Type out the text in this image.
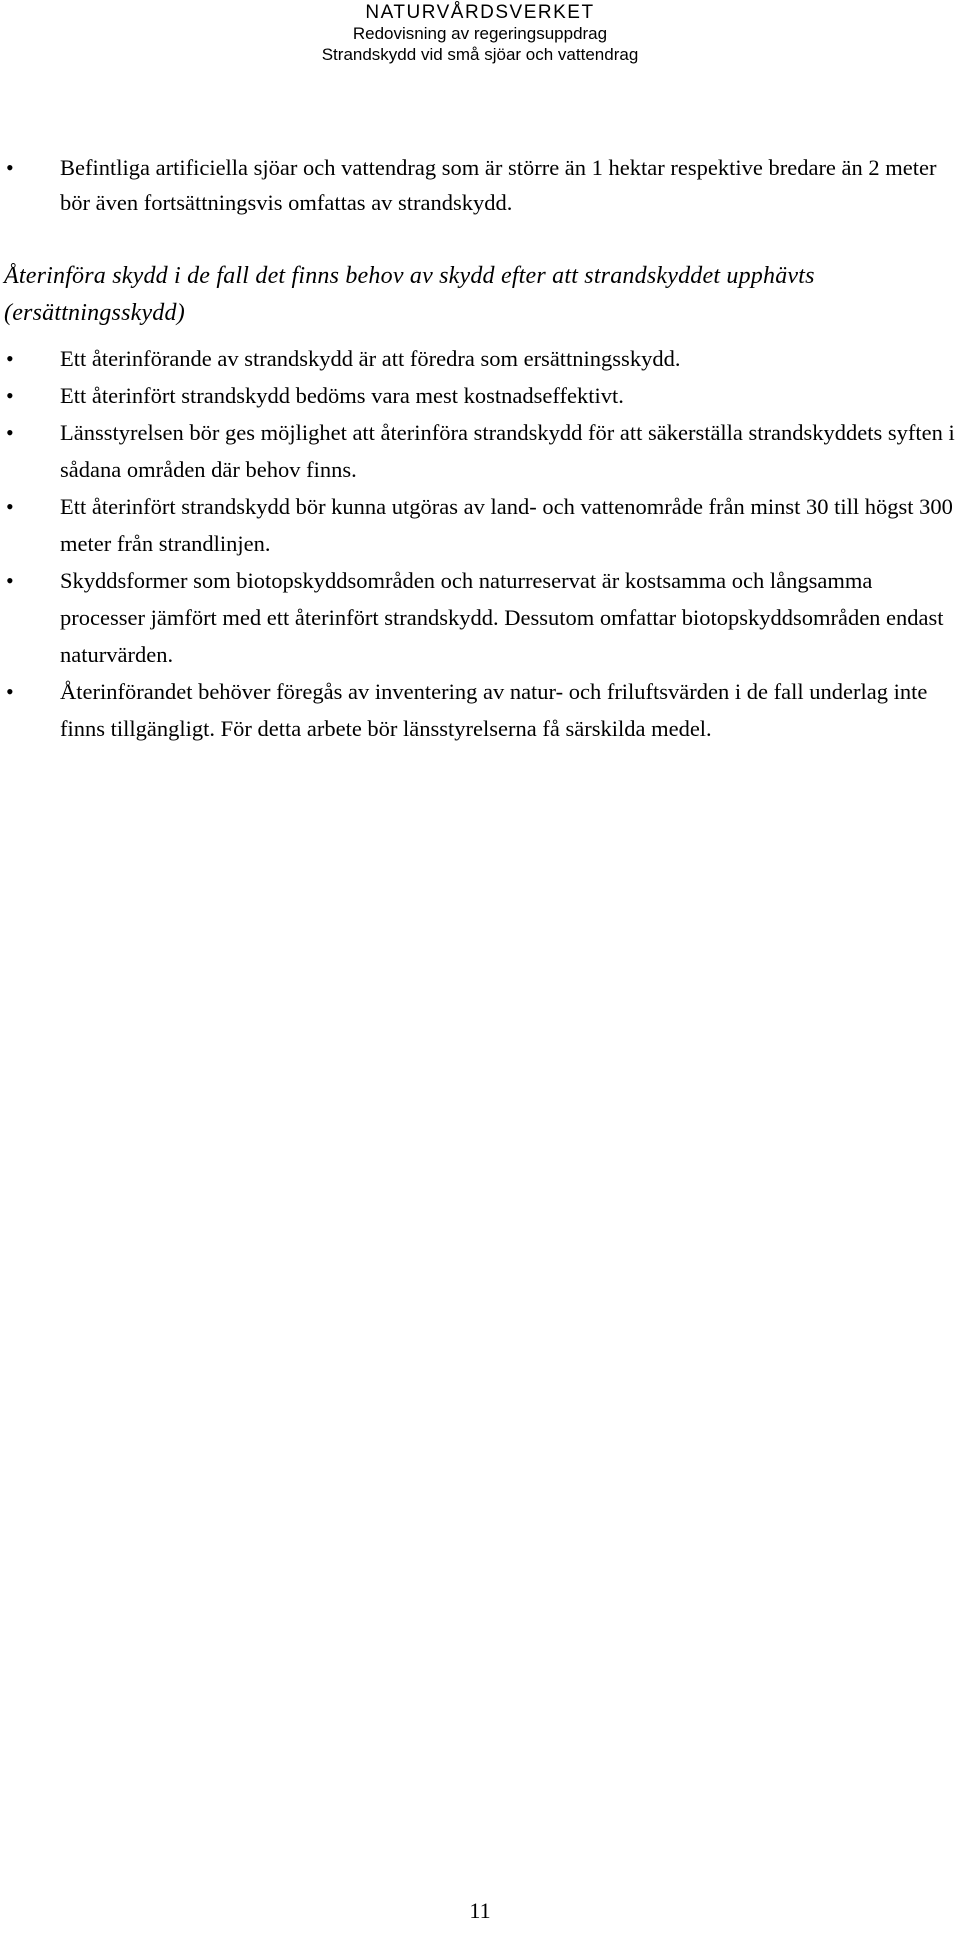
NATURVÅRDSVERKET
Redovisning av regeringsuppdrag
Strandskydd vid små sjöar och vattendrag
• Befintliga artificiella sjöar och vattendrag som är större än 1 hektar respektive bredare än 2 meter bör även fortsättningsvis omfattas av strandskydd.
Återinföra skydd i de fall det finns behov av skydd efter att strandskyddet upphävts (ersättningsskydd)
• Ett återinförande av strandskydd är att föredra som ersättningsskydd.
• Ett återinfört strandskydd bedöms vara mest kostnadseffektivt.
• Länsstyrelsen bör ges möjlighet att återinföra strandskydd för att säkerställa strandskyddets syften i sådana områden där behov finns.
• Ett återinfört strandskydd bör kunna utgöras av land- och vattenområde från minst 30 till högst 300 meter från strandlinjen.
• Skyddsformer som biotopskyddsområden och naturreservat är kostsamma och långsamma processer jämfört med ett återinfört strandskydd. Dessutom omfattar biotopskyddsområden endast naturvärden.
• Återinförandet behöver föregås av inventering av natur- och friluftsvärden i de fall underlag inte finns tillgängligt. För detta arbete bör länsstyrelserna få särskilda medel.
11
